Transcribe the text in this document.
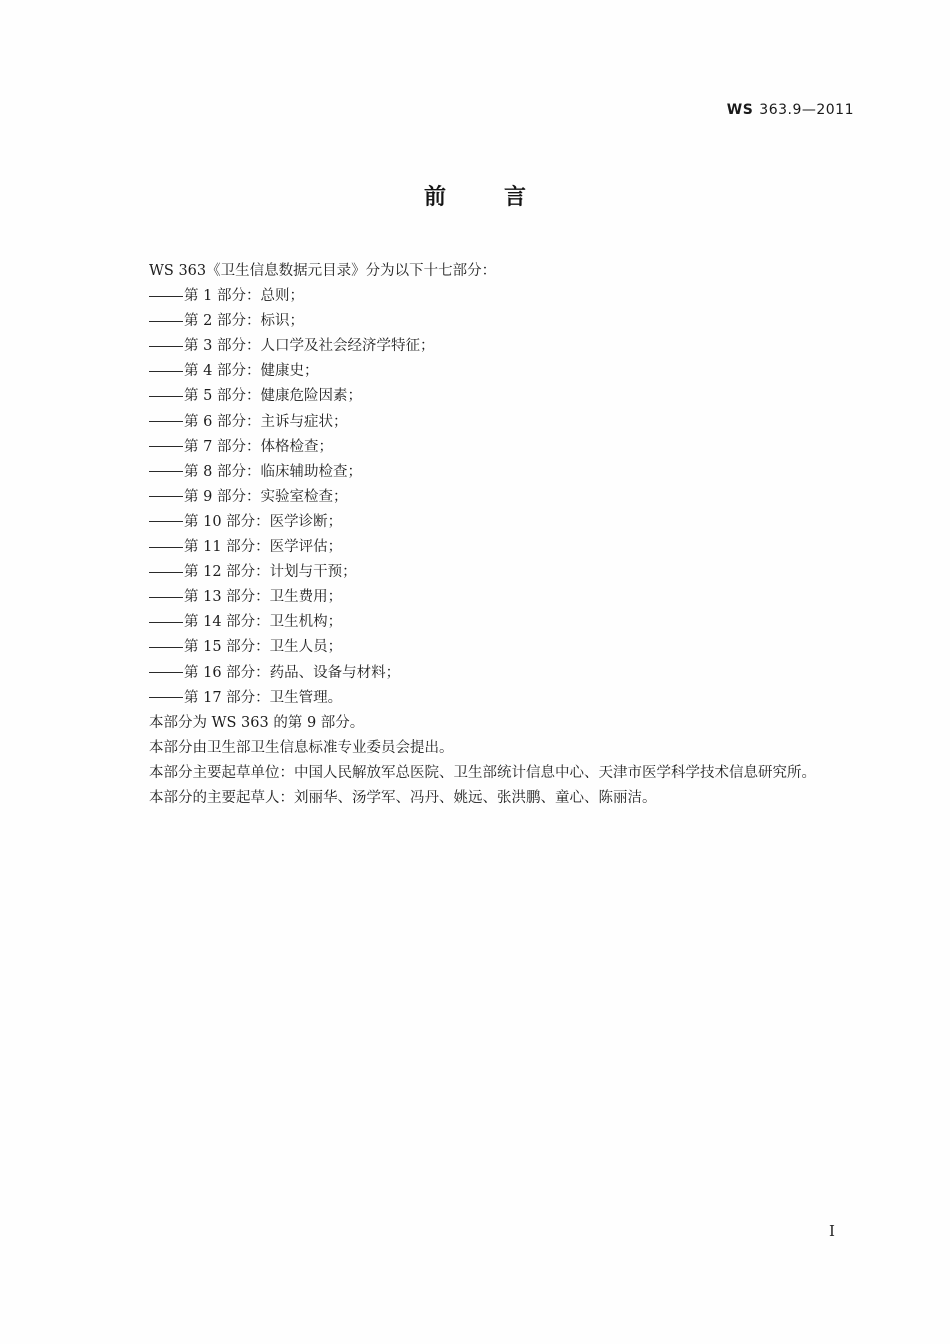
WS 363.9—2011
前言

WS 363《卫生信息数据元目录》分为以下十七部分：

第 1 部分：总则；

第 2 部分：标识；

第 3 部分：人口学及社会经济学特征；

第 4 部分：健康史；

第 5 部分：健康危险因素；

第 6 部分：主诉与症状；

第 7 部分：体格检查；

第 8 部分：临床辅助检查；

第 9 部分：实验室检查；

第 10 部分：医学诊断；

第 11 部分：医学评估；

第 12 部分：计划与干预；

第 13 部分：卫生费用；

第 14 部分：卫生机构；

第 15 部分：卫生人员；

第 16 部分：药品、设备与材料；

第 17 部分：卫生管理。

本部分为 WS 363 的第 9 部分。

本部分由卫生部卫生信息标准专业委员会提出。

本部分主要起草单位：中国人民解放军总医院、卫生部统计信息中心、天津市医学科学技术信息研究所。

本部分的主要起草人：刘丽华、汤学军、冯丹、姚远、张洪鹏、童心、陈丽洁。

I
